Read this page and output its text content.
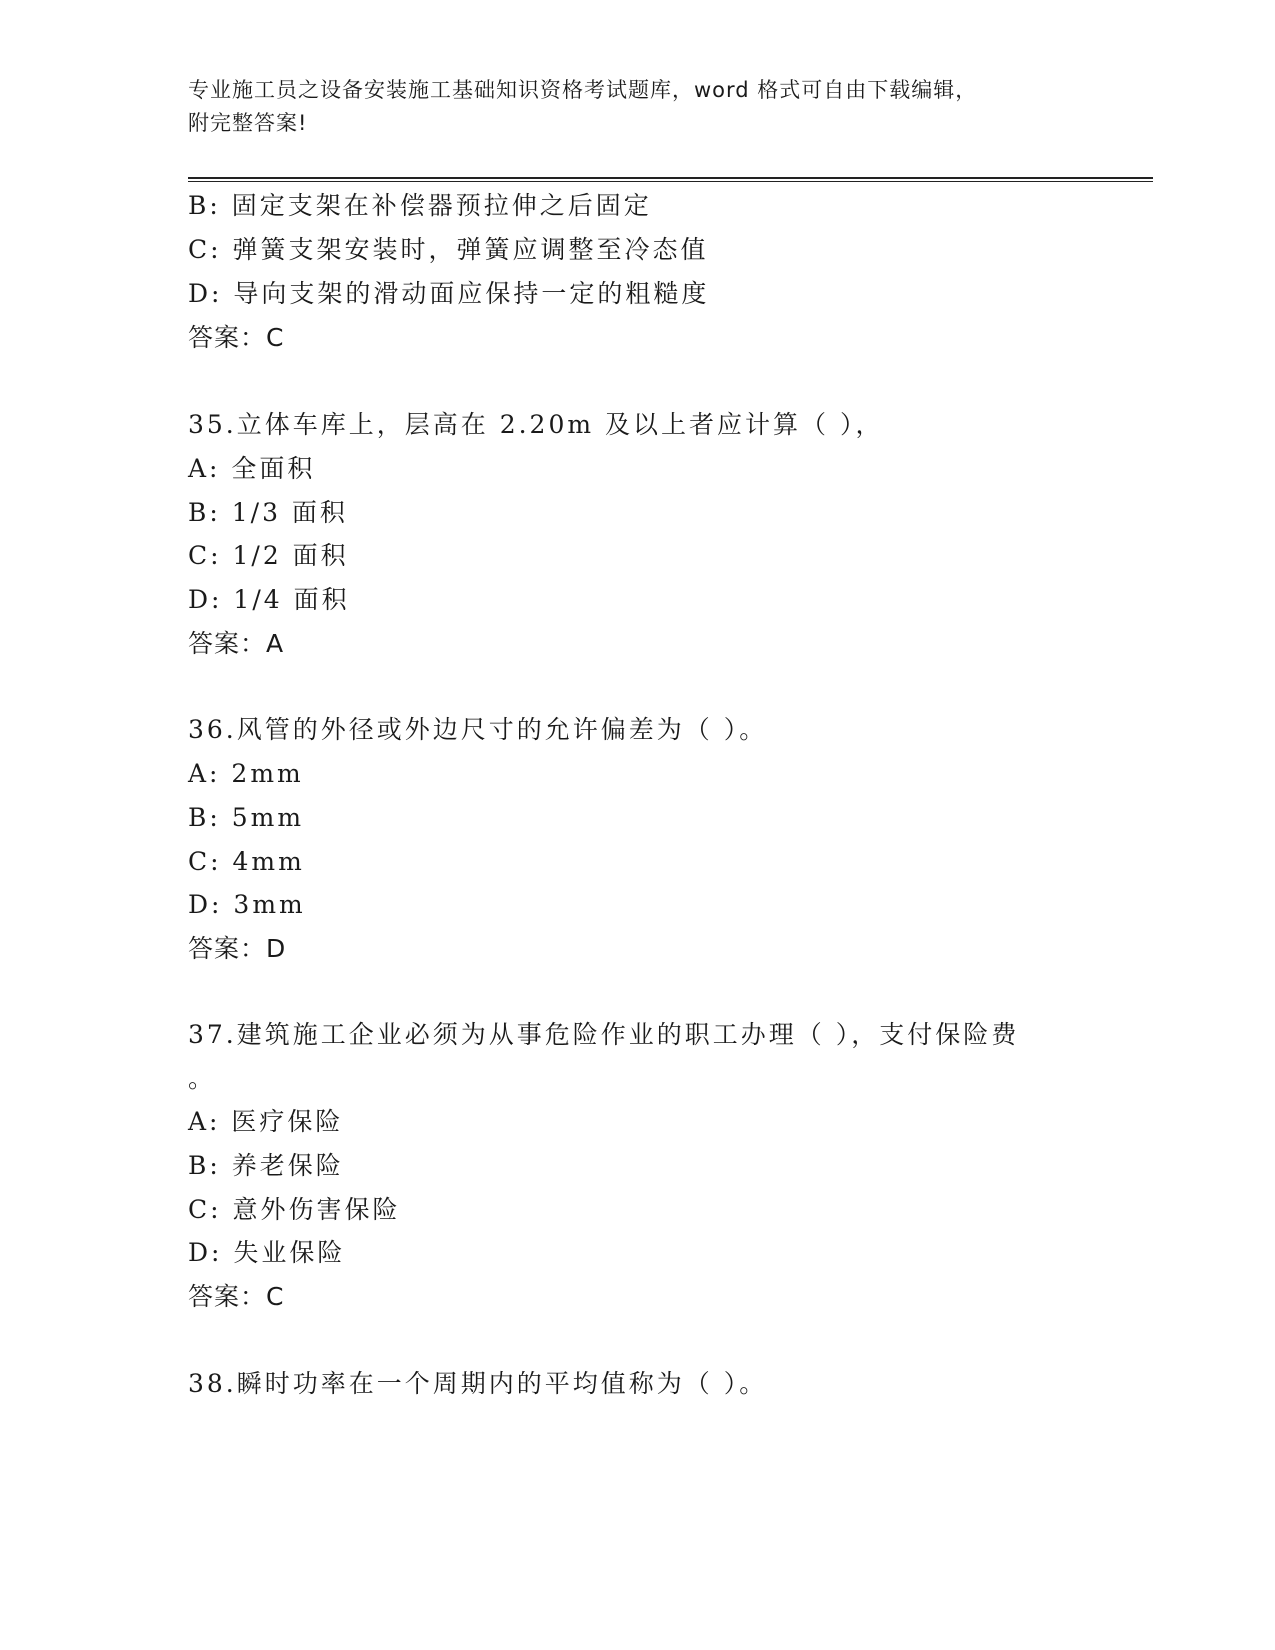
专业施工员之设备安装施工基础知识资格考试题库，word 格式可自由下载编辑，
附完整答案!
B: 固定支架在补偿器预拉伸之后固定
C: 弹簧支架安装时，弹簧应调整至冷态值
D: 导向支架的滑动面应保持一定的粗糙度
答案：C
35.立体车库上，层高在 2.20m 及以上者应计算（ ），
A: 全面积
B: 1/3 面积
C: 1/2 面积
D: 1/4 面积
答案：A
36.风管的外径或外边尺寸的允许偏差为（ ）。
A: 2mm
B: 5mm
C: 4mm
D: 3mm
答案：D
37.建筑施工企业必须为从事危险作业的职工办理（ ），支付保险费
。
A: 医疗保险
B: 养老保险
C: 意外伤害保险
D: 失业保险
答案：C
38.瞬时功率在一个周期内的平均值称为（ ）。
